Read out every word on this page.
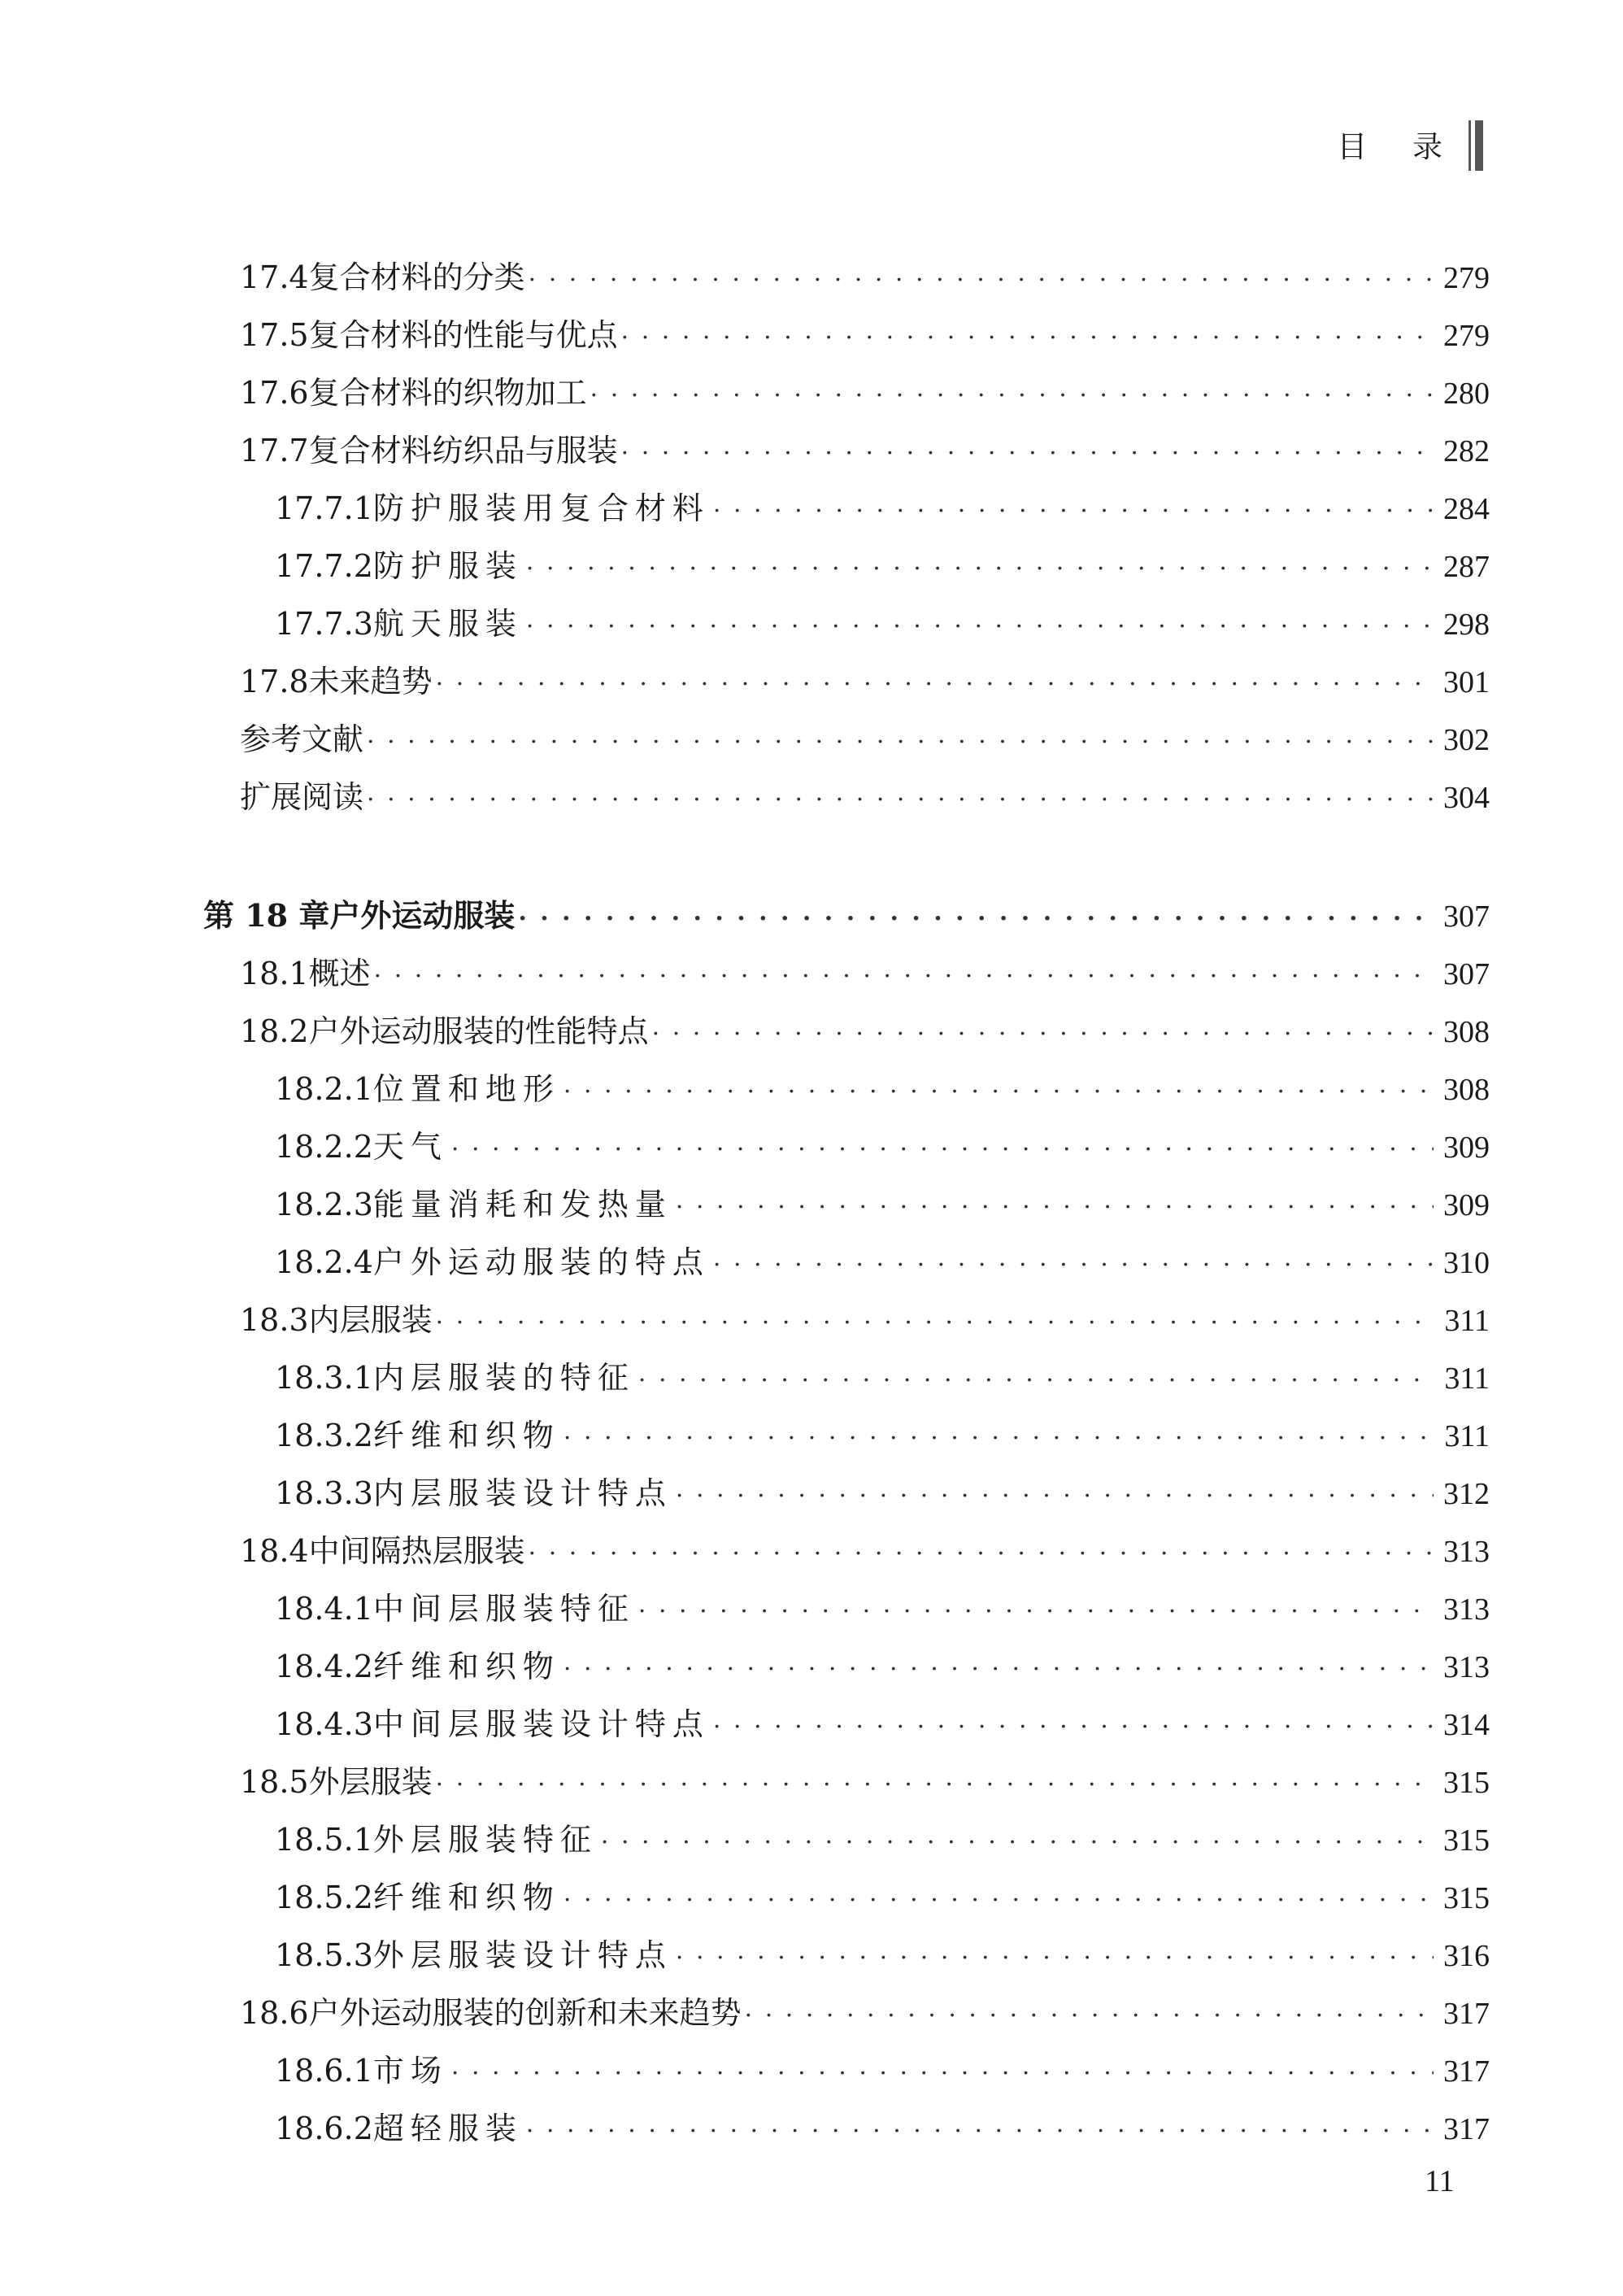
目 录
17.4 复合材料的分类 · · ·	279
17.5 复合材料的性能与优点 · · ·	279
17.6 复合材料的织物加工 · · ·	280
17.7 复合材料纺织品与服装 · · ·	282
17.7.1 防护服装用复合材料 · · ·	284
17.7.2 防护服装 · · ·	287
17.7.3 航天服装 · · ·	298
17.8 未来趋势 · · ·	301
参考文献 · · ·	302
扩展阅读 · · ·	304
第 18 章 户外运动服装 · · ·	307
18.1 概述 · · ·	307
18.2 户外运动服装的性能特点 · · ·	308
18.2.1 位置和地形 · · ·	308
18.2.2 天气 · · ·	309
18.2.3 能量消耗和发热量 · · ·	309
18.2.4 户外运动服装的特点 · · ·	310
18.3 内层服装 · · ·	311
18.3.1 内层服装的特征 · · ·	311
18.3.2 纤维和织物 · · ·	311
18.3.3 内层服装设计特点 · · ·	312
18.4 中间隔热层服装 · · ·	313
18.4.1 中间层服装特征 · · ·	313
18.4.2 纤维和织物 · · ·	313
18.4.3 中间层服装设计特点 · · ·	314
18.5 外层服装 · · ·	315
18.5.1 外层服装特征 · · ·	315
18.5.2 纤维和织物 · · ·	315
18.5.3 外层服装设计特点 · · ·	316
18.6 户外运动服装的创新和未来趋势 · · ·	317
18.6.1 市场 · · ·	317
18.6.2 超轻服装 · · ·	317
11
